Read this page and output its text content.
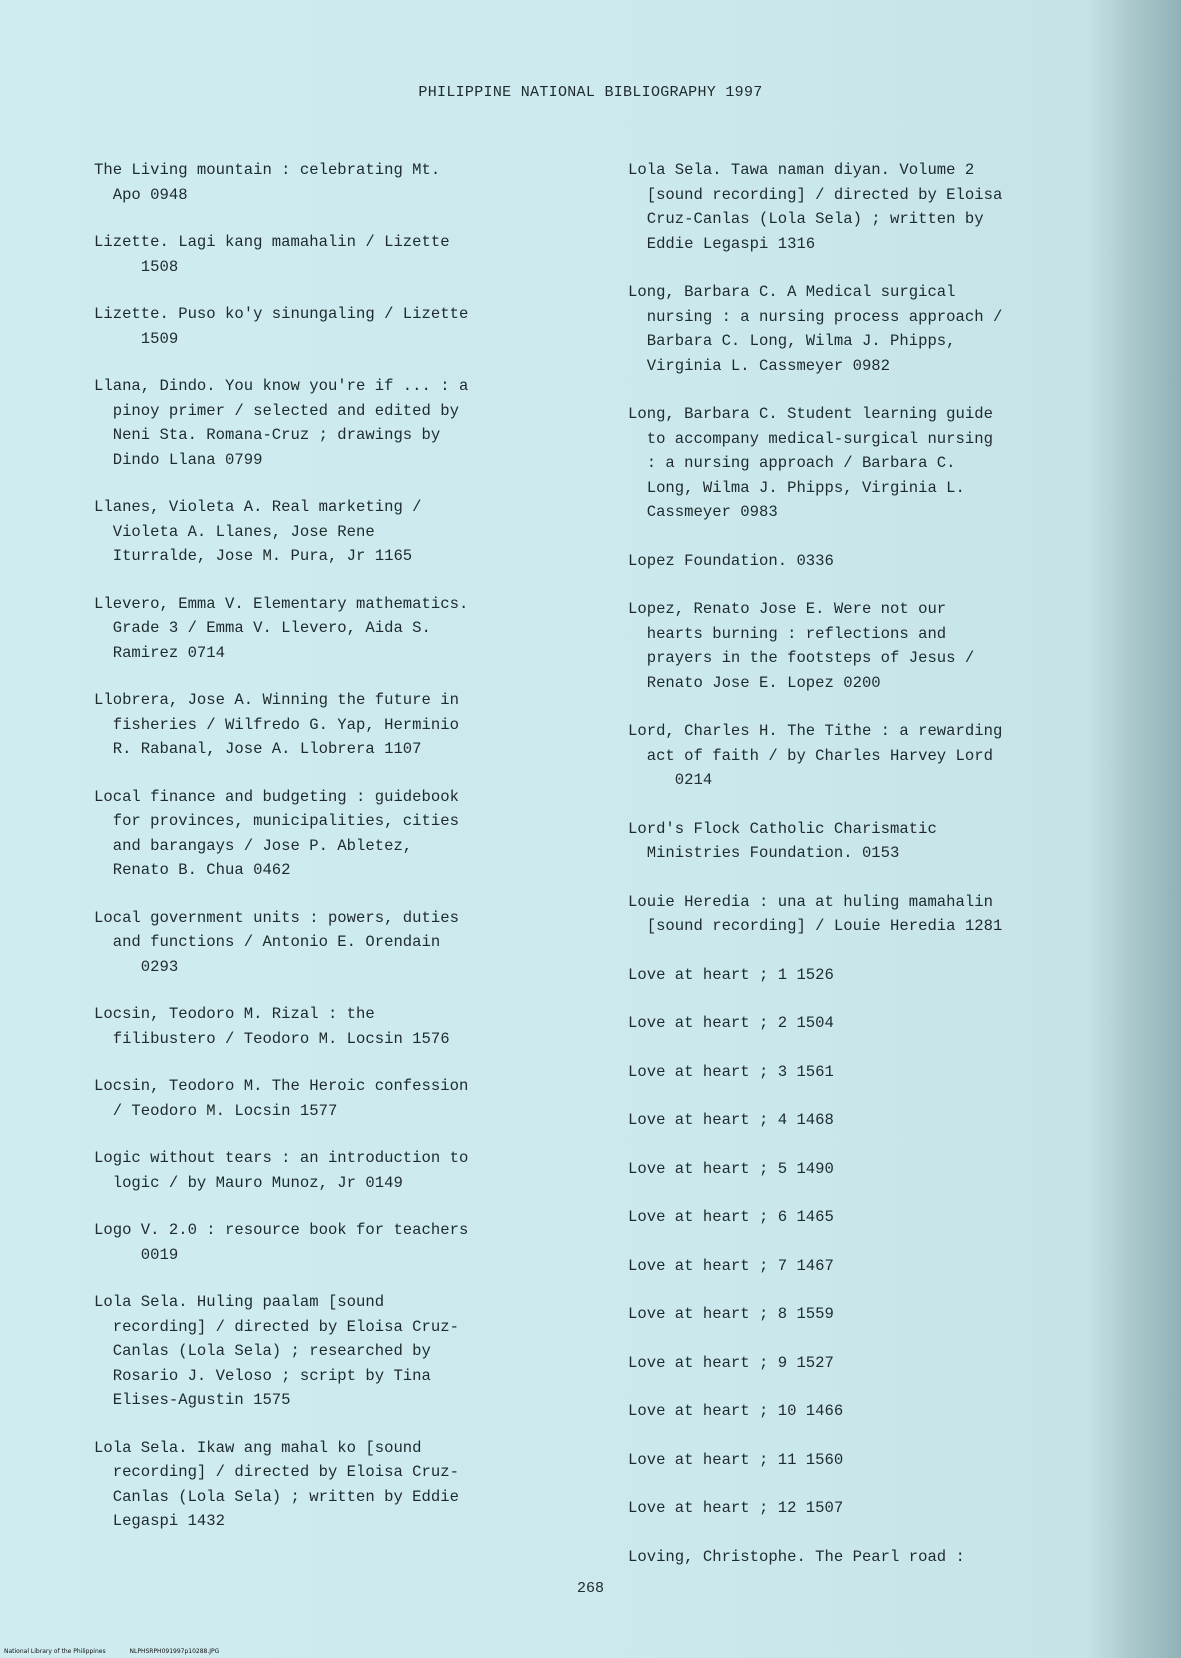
PHILIPPINE NATIONAL BIBLIOGRAPHY 1997

The Living mountain : celebrating Mt.
Apo 0948

Lizette. Lagi kang mamahalin / Lizette
1508

Lizette. Puso ko'y sinungaling / Lizette
1509

Llana, Dindo. You know you're if ... : a
pinoy primer / selected and edited by
Neni Sta. Romana-Cruz ; drawings by
Dindo Llana 0799

Llanes, Violeta A. Real marketing /
Violeta A. Llanes, Jose Rene
Iturralde, Jose M. Pura, Jr 1165

Llevero, Emma V. Elementary mathematics.
Grade 3 / Emma V. Llevero, Aida S.
Ramirez 0714

Llobrera, Jose A. Winning the future in
fisheries / Wilfredo G. Yap, Herminio
R. Rabanal, Jose A. Llobrera 1107

Local finance and budgeting : guidebook
for provinces, municipalities, cities
and barangays / Jose P. Abletez,
Renato B. Chua 0462

Local government units : powers, duties
and functions / Antonio E. Orendain
0293

Locsin, Teodoro M. Rizal : the
filibustero / Teodoro M. Locsin 1576

Locsin, Teodoro M. The Heroic confession
/ Teodoro M. Locsin 1577

Logic without tears : an introduction to
logic / by Mauro Munoz, Jr 0149

Logo V. 2.0 : resource book for teachers
0019

Lola Sela. Huling paalam [sound
recording] / directed by Eloisa Cruz-
Canlas (Lola Sela) ; researched by
Rosario J. Veloso ; script by Tina
Elises-Agustin 1575

Lola Sela. Ikaw ang mahal ko [sound
recording] / directed by Eloisa Cruz-
Canlas (Lola Sela) ; written by Eddie
Legaspi 1432

Lola Sela. Tawa naman diyan. Volume 2
[sound recording] / directed by Eloisa
Cruz-Canlas (Lola Sela) ; written by
Eddie Legaspi 1316

Long, Barbara C. A Medical surgical
nursing : a nursing process approach /
Barbara C. Long, Wilma J. Phipps,
Virginia L. Cassmeyer 0982

Long, Barbara C. Student learning guide
to accompany medical-surgical nursing
: a nursing approach / Barbara C.
Long, Wilma J. Phipps, Virginia L.
Cassmeyer 0983

Lopez Foundation. 0336

Lopez, Renato Jose E. Were not our
hearts burning : reflections and
prayers in the footsteps of Jesus /
Renato Jose E. Lopez 0200

Lord, Charles H. The Tithe : a rewarding
act of faith / by Charles Harvey Lord
0214

Lord's Flock Catholic Charismatic
Ministries Foundation. 0153

Louie Heredia : una at huling mamahalin
[sound recording] / Louie Heredia 1281

Love at heart ; 1 1526

Love at heart ; 2 1504

Love at heart ; 3 1561

Love at heart ; 4 1468

Love at heart ; 5 1490

Love at heart ; 6 1465

Love at heart ; 7 1467

Love at heart ; 8 1559

Love at heart ; 9 1527

Love at heart ; 10 1466

Love at heart ; 11 1560

Love at heart ; 12 1507

Loving, Christophe. The Pearl road :

268
National Library of the Philippines	NLPHSRPH091997p10288.JPG
